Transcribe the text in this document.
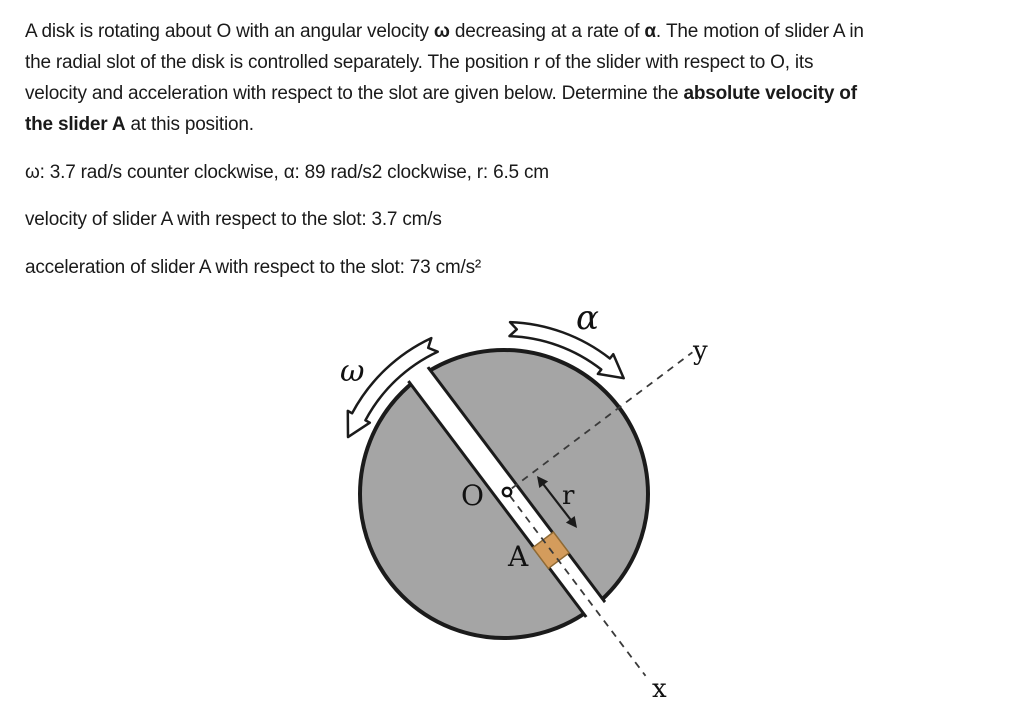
A disk is rotating about O with an angular velocity ω decreasing at a rate of α. The motion of slider A in
the radial slot of the disk is controlled separately. The position r of the slider with respect to O, its
velocity and acceleration with respect to the slot are given below. Determine the absolute velocity of
the slider A at this position.

ω: 3.7 rad/s counter clockwise, α: 89 rad/s2 clockwise, r: 6.5 cm

velocity of slider A with respect to the slot: 3.7 cm/s

acceleration of slider A with respect to the slot: 73 cm/s²

ω
α
O
A
r
y
x
